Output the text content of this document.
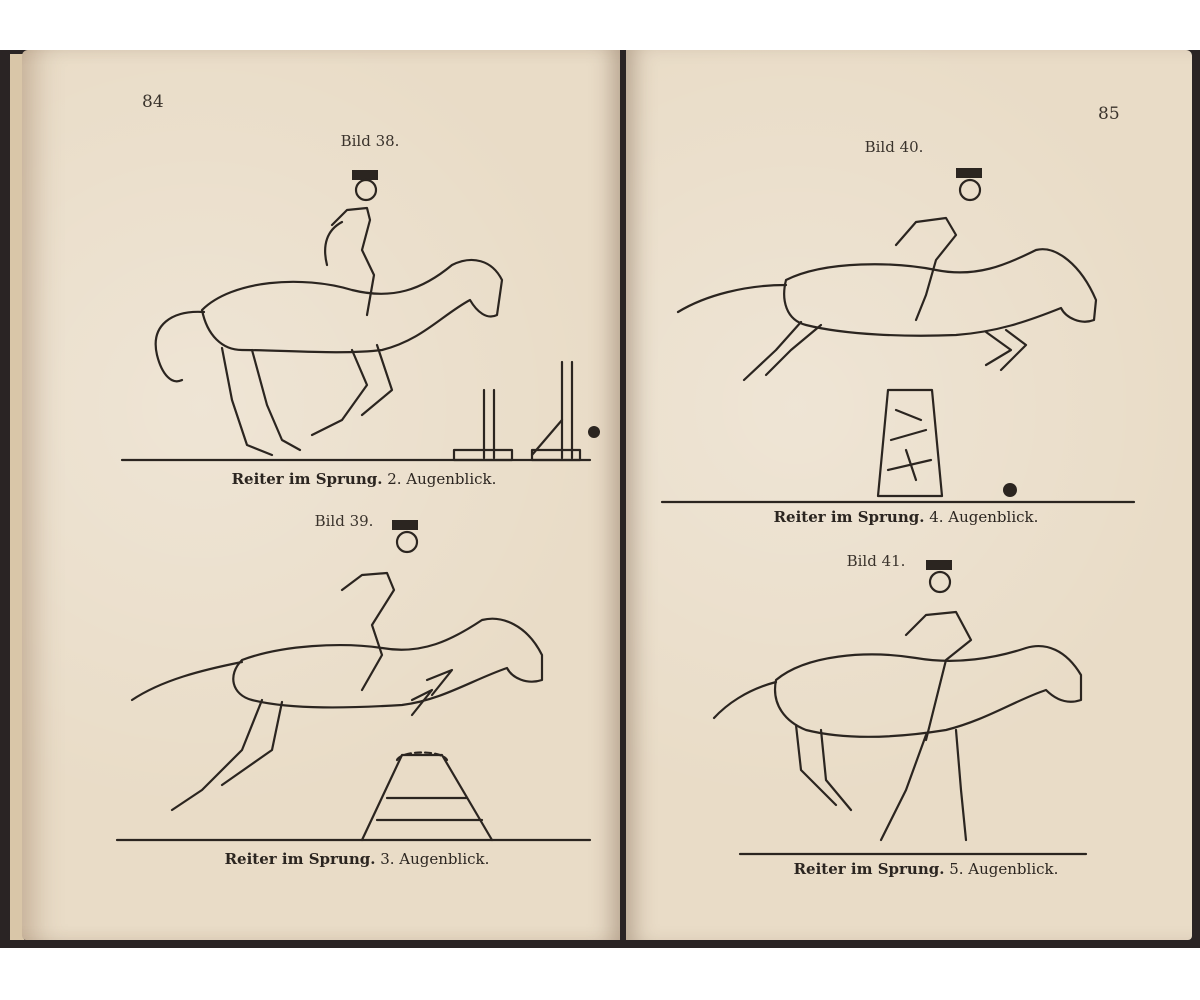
84
Bild 38.
Reiter im Sprung. 2. Augenblick.
Bild 39.
Reiter im Sprung. 3. Augenblick.
85
Bild 40.
Reiter im Sprung. 4. Augenblick.
Bild 41.
Reiter im Sprung. 5. Augenblick.
